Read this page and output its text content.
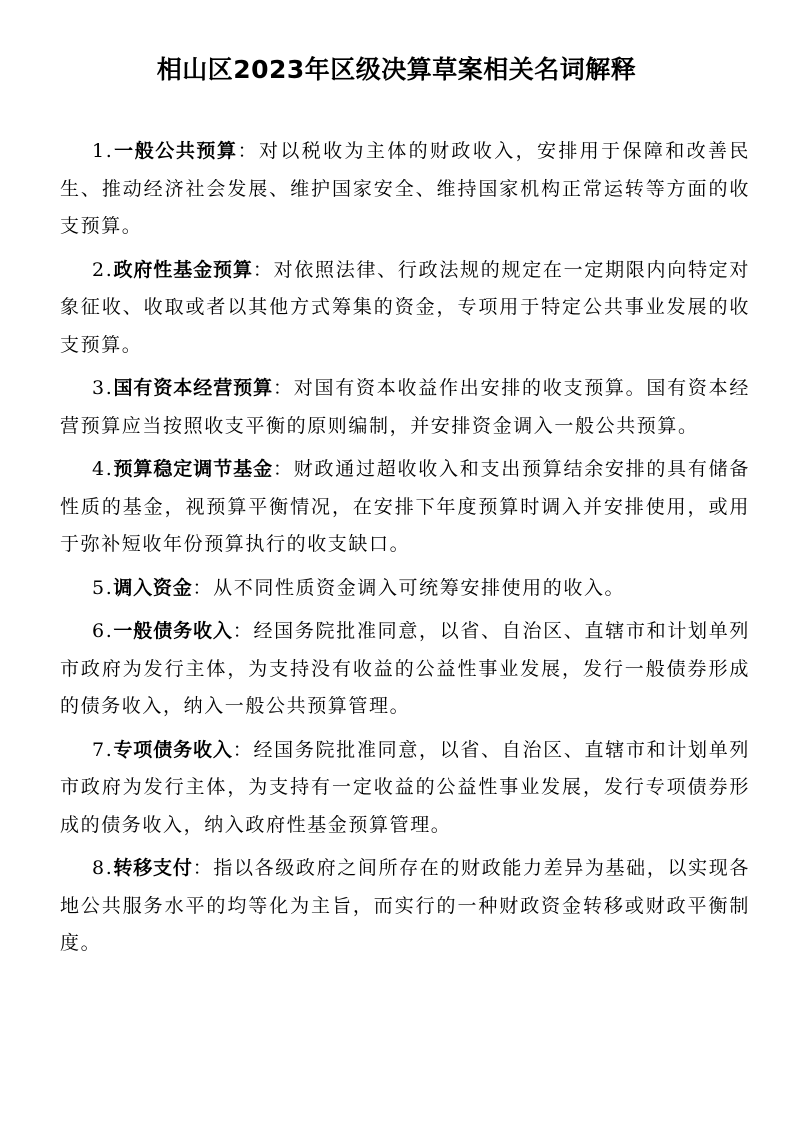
相山区2023年区级决算草案相关名词解释

1.一般公共预算：对以税收为主体的财政收入，安排用于保障和改善民生、推动经济社会发展、维护国家安全、维持国家机构正常运转等方面的收支预算。

2.政府性基金预算：对依照法律、行政法规的规定在一定期限内向特定对象征收、收取或者以其他方式筹集的资金，专项用于特定公共事业发展的收支预算。

3.国有资本经营预算：对国有资本收益作出安排的收支预算。国有资本经营预算应当按照收支平衡的原则编制，并安排资金调入一般公共预算。

4.预算稳定调节基金：财政通过超收收入和支出预算结余安排的具有储备性质的基金，视预算平衡情况，在安排下年度预算时调入并安排使用，或用于弥补短收年份预算执行的收支缺口。

5.调入资金：从不同性质资金调入可统筹安排使用的收入。

6.一般债务收入：经国务院批准同意，以省、自治区、直辖市和计划单列市政府为发行主体，为支持没有收益的公益性事业发展，发行一般债券形成的债务收入，纳入一般公共预算管理。

7.专项债务收入：经国务院批准同意，以省、自治区、直辖市和计划单列市政府为发行主体，为支持有一定收益的公益性事业发展，发行专项债券形成的债务收入，纳入政府性基金预算管理。

8.转移支付：指以各级政府之间所存在的财政能力差异为基础，以实现各地公共服务水平的均等化为主旨，而实行的一种财政资金转移或财政平衡制度。
